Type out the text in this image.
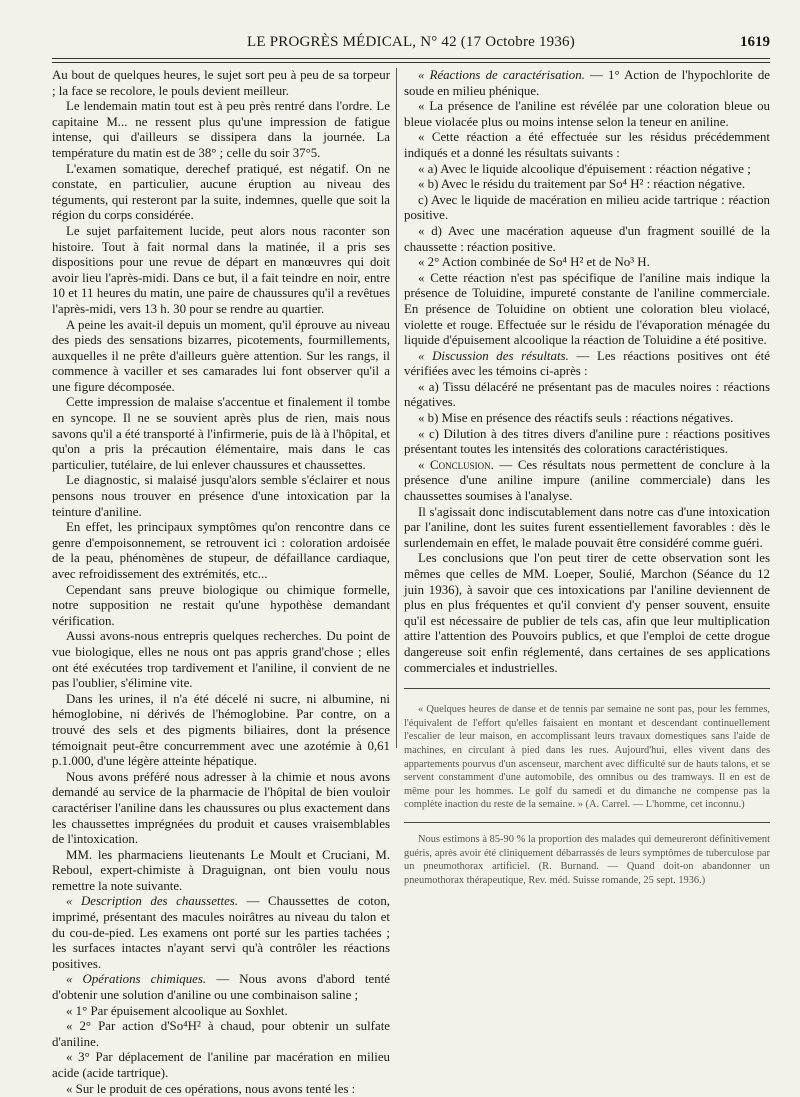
LE PROGRÈS MÉDICAL, N° 42 (17 Octobre 1936)	1619

Au bout de quelques heures, le sujet sort peu à peu de sa torpeur ; la face se recolore, le pouls devient meilleur.

Le lendemain matin tout est à peu près rentré dans l'ordre. Le capitaine M... ne ressent plus qu'une impression de fatigue intense, qui d'ailleurs se dissipera dans la journée. La température du matin est de 38° ; celle du soir 37°5.

L'examen somatique, derechef pratiqué, est négatif. On ne constate, en particulier, aucune éruption au niveau des téguments, qui resteront par la suite, indemnes, quelle que soit la région du corps considérée.

Le sujet parfaitement lucide, peut alors nous raconter son histoire. Tout à fait normal dans la matinée, il a pris ses dispositions pour une revue de départ en manœuvres qui doit avoir lieu l'après-midi. Dans ce but, il a fait teindre en noir, entre 10 et 11 heures du matin, une paire de chaussures qu'il a revêtues l'après-midi, vers 13 h. 30 pour se rendre au quartier.

A peine les avait-il depuis un moment, qu'il éprouve au niveau des pieds des sensations bizarres, picotements, fourmillements, auxquelles il ne prête d'ailleurs guère attention. Sur les rangs, il commence à vaciller et ses camarades lui font observer qu'il a une figure décomposée.

Cette impression de malaise s'accentue et finalement il tombe en syncope. Il ne se souvient après plus de rien, mais nous savons qu'il a été transporté à l'infirmerie, puis de là à l'hôpital, et qu'on a pris la précaution élémentaire, mais dans le cas particulier, tutélaire, de lui enlever chaussures et chaussettes.

Le diagnostic, si malaisé jusqu'alors semble s'éclairer et nous pensons nous trouver en présence d'une intoxication par la teinture d'aniline.

En effet, les principaux symptômes qu'on rencontre dans ce genre d'empoisonnement, se retrouvent ici : coloration ardoisée de la peau, phénomènes de stupeur, de défaillance cardiaque, avec refroidissement des extrémités, etc...

Cependant sans preuve biologique ou chimique formelle, notre supposition ne restait qu'une hypothèse demandant vérification.

Aussi avons-nous entrepris quelques recherches. Du point de vue biologique, elles ne nous ont pas appris grand'chose ; elles ont été exécutées trop tardivement et l'aniline, il convient de ne pas l'oublier, s'élimine vite.

Dans les urines, il n'a été décelé ni sucre, ni albumine, ni hémoglobine, ni dérivés de l'hémoglobine. Par contre, on a trouvé des sels et des pigments biliaires, dont la présence témoignait peut-être concurremment avec une azotémie à 0,61 p.1.000, d'une légère atteinte hépatique.

Nous avons préféré nous adresser à la chimie et nous avons demandé au service de la pharmacie de l'hôpital de bien vouloir caractériser l'aniline dans les chaussures ou plus exactement dans les chaussettes imprégnées du produit et causes vraisemblables de l'intoxication.

MM. les pharmaciens lieutenants Le Moult et Cruciani, M. Reboul, expert-chimiste à Draguignan, ont bien voulu nous remettre la note suivante.

« Description des chaussettes. — Chaussettes de coton, imprimé, présentant des macules noirâtres au niveau du talon et du cou-de-pied. Les examens ont porté sur les parties tachées ; les surfaces intactes n'ayant servi qu'à contrôler les réactions positives.

« Opérations chimiques. — Nous avons d'abord tenté d'obtenir une solution d'aniline ou une combinaison saline ;

« 1° Par épuisement alcoolique au Soxhlet.

« 2° Par action d'So⁴H² à chaud, pour obtenir un sulfate d'aniline.

« 3° Par déplacement de l'aniline par macération en milieu acide (acide tartrique).

« Sur le produit de ces opérations, nous avons tenté les :

« Réactions de caractérisation. — 1° Action de l'hypochlorite de soude en milieu phénique.

« La présence de l'aniline est révélée par une coloration bleue ou bleue violacée plus ou moins intense selon la teneur en aniline.

« Cette réaction a été effectuée sur les résidus précédemment indiqués et a donné les résultats suivants :

« a) Avec le liquide alcoolique d'épuisement : réaction négative ;

« b) Avec le résidu du traitement par So⁴ H² : réaction négative.

c) Avec le liquide de macération en milieu acide tartrique : réaction positive.

« d) Avec une macération aqueuse d'un fragment souillé de la chaussette : réaction positive.

« 2° Action combinée de So⁴ H² et de No³ H.

« Cette réaction n'est pas spécifique de l'aniline mais indique la présence de Toluidine, impureté constante de l'aniline commerciale. En présence de Toluidine on obtient une coloration bleu violacé, violette et rouge. Effectuée sur le résidu de l'évaporation ménagée du liquide d'épuisement alcoolique la réaction de Toluidine a été positive.

« Discussion des résultats. — Les réactions positives ont été vérifiées avec les témoins ci-après :

« a) Tissu délacéré ne présentant pas de macules noires : réactions négatives.

« b) Mise en présence des réactifs seuls : réactions négatives.

« c) Dilution à des titres divers d'aniline pure : réactions positives présentant toutes les intensités des colorations caractéristiques.

« Conclusion. — Ces résultats nous permettent de conclure à la présence d'une aniline impure (aniline commerciale) dans les chaussettes soumises à l'analyse.

Il s'agissait donc indiscutablement dans notre cas d'une intoxication par l'aniline, dont les suites furent essentiellement favorables : dès le surlendemain en effet, le malade pouvait être considéré comme guéri.

Les conclusions que l'on peut tirer de cette observation sont les mêmes que celles de MM. Loeper, Soulié, Marchon (Séance du 12 juin 1936), à savoir que ces intoxications par l'aniline deviennent de plus en plus fréquentes et qu'il convient d'y penser souvent, ensuite qu'il est nécessaire de publier de tels cas, afin que leur multiplication attire l'attention des Pouvoirs publics, et que l'emploi de cette drogue dangereuse soit enfin réglementé, dans certaines de ses applications commerciales et industrielles.

« Quelques heures de danse et de tennis par semaine ne sont pas, pour les femmes, l'équivalent de l'effort qu'elles faisaient en montant et descendant continuellement l'escalier de leur maison, en accomplissant leurs travaux domestiques sans l'aide de machines, en circulant à pied dans les rues. Aujourd'hui, elles vivent dans des appartements pourvus d'un ascenseur, marchent avec difficulté sur de hauts talons, et se servent constamment d'une automobile, des omnibus ou des tramways. Il en est de même pour les hommes. Le golf du samedi et du dimanche ne compense pas la complète inaction du reste de la semaine. » (A. Carrel. — L'homme, cet inconnu.)

Nous estimons à 85-90 % la proportion des malades qui demeureront définitivement guéris, après avoir été cliniquement débarrassés de leurs symptômes de tuberculose par un pneumothorax artificiel. (R. Burnand. — Quand doit-on abandonner un pneumothorax thérapeutique, Rev. méd. Suisse romande, 25 sept. 1936.)
